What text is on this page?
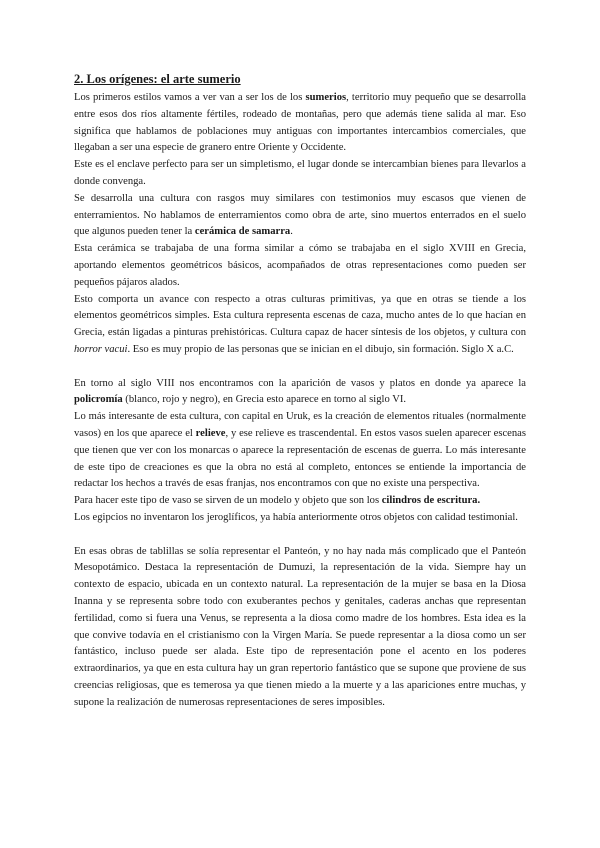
2. Los orígenes: el arte sumerio

Los primeros estilos vamos a ver van a ser los de los sumerios, territorio muy pequeño que se desarrolla entre esos dos ríos altamente fértiles, rodeado de montañas, pero que además tiene salida al mar. Eso significa que hablamos de poblaciones muy antiguas con importantes intercambios comerciales, que llegaban a ser una especie de granero entre Oriente y Occidente.

Este es el enclave perfecto para ser un simpletismo, el lugar donde se intercambian bienes para llevarlos a donde convenga.

Se desarrolla una cultura con rasgos muy similares con testimonios muy escasos que vienen de enterramientos. No hablamos de enterramientos como obra de arte, sino muertos enterrados en el suelo que algunos pueden tener la cerámica de samarra.

Esta cerámica se trabajaba de una forma similar a cómo se trabajaba en el siglo XVIII en Grecia, aportando elementos geométricos básicos, acompañados de otras representaciones como pueden ser pequeños pájaros alados.

Esto comporta un avance con respecto a otras culturas primitivas, ya que en otras se tiende a los elementos geométricos simples. Esta cultura representa escenas de caza, mucho antes de lo que hacían en Grecia, están ligadas a pinturas prehistóricas. Cultura capaz de hacer síntesis de los objetos, y cultura con horror vacui. Eso es muy propio de las personas que se inician en el dibujo, sin formación. Siglo X a.C.

En torno al siglo VIII nos encontramos con la aparición de vasos y platos en donde ya aparece la policromía (blanco, rojo y negro), en Grecia esto aparece en torno al siglo VI.

Lo más interesante de esta cultura, con capital en Uruk, es la creación de elementos rituales (normalmente vasos) en los que aparece el relieve, y ese relieve es trascendental. En estos vasos suelen aparecer escenas que tienen que ver con los monarcas o aparece la representación de escenas de guerra. Lo más interesante de este tipo de creaciones es que la obra no está al completo, entonces se entiende la importancia de redactar los hechos a través de esas franjas, nos encontramos con que no existe una perspectiva.

Para hacer este tipo de vaso se sirven de un modelo y objeto que son los cilindros de escritura.

Los egipcios no inventaron los jeroglíficos, ya había anteriormente otros objetos con calidad testimonial.

En esas obras de tablillas se solía representar el Panteón, y no hay nada más complicado que el Panteón Mesopotámico. Destaca la representación de Dumuzi, la representación de la vida. Siempre hay un contexto de espacio, ubicada en un contexto natural. La representación de la mujer se basa en la Diosa Inanna y se representa sobre todo con exuberantes pechos y genitales, caderas anchas que representan fertilidad, como si fuera una Venus, se representa a la diosa como madre de los hombres. Esta idea es la que convive todavía en el cristianismo con la Virgen María. Se puede representar a la diosa como un ser fantástico, incluso puede ser alada. Este tipo de representación pone el acento en los poderes extraordinarios, ya que en esta cultura hay un gran repertorio fantástico que se supone que proviene de sus creencias religiosas, que es temerosa ya que tienen miedo a la muerte y a las apariciones entre muchas, y supone la realización de numerosas representaciones de seres imposibles.
